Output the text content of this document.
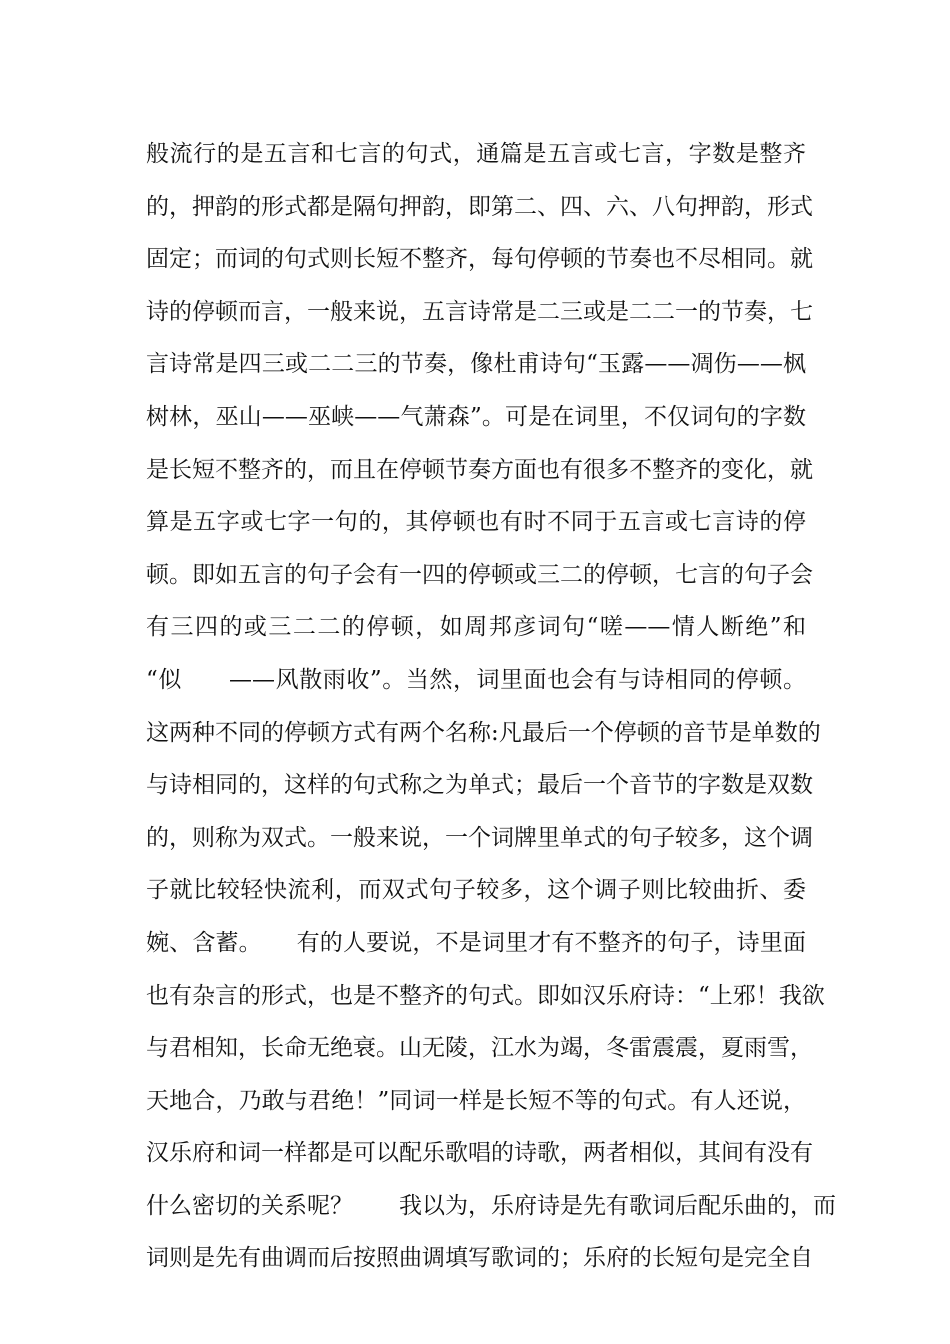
般流行的是五言和七言的句式，通篇是五言或七言，字数是整齐
的，押韵的形式都是隔句押韵，即第二、四、六、八句押韵，形式
固定；而词的句式则长短不整齐，每句停顿的节奏也不尽相同。就
诗的停顿而言，一般来说，五言诗常是二三或是二二一的节奏，七
言诗常是四三或二二三的节奏，像杜甫诗句“玉露——凋伤——枫
树林，巫山——巫峡——气萧森”。可是在词里，不仅词句的字数
是长短不整齐的，而且在停顿节奏方面也有很多不整齐的变化，就
算是五字或七字一句的，其停顿也有时不同于五言或七言诗的停
顿。即如五言的句子会有一四的停顿或三二的停顿，七言的句子会
有三四的或三二二的停顿，如周邦彦词句“嗟——情人断绝”和
“似　　——风散雨收”。当然，词里面也会有与诗相同的停顿。
这两种不同的停顿方式有两个名称:凡最后一个停顿的音节是单数的
与诗相同的，这样的句式称之为单式；最后一个音节的字数是双数
的，则称为双式。一般来说，一个词牌里单式的句子较多，这个调
子就比较轻快流利，而双式句子较多，这个调子则比较曲折、委
婉、含蓄。　　有的人要说，不是词里才有不整齐的句子，诗里面
也有杂言的形式，也是不整齐的句式。即如汉乐府诗：“上邪！我欲
与君相知，长命无绝衰。山无陵，江水为竭，冬雷震震，夏雨雪，
天地合，乃敢与君绝！”同词一样是长短不等的句式。有人还说，
汉乐府和词一样都是可以配乐歌唱的诗歌，两者相似，其间有没有
什么密切的关系呢？　　我以为，乐府诗是先有歌词后配乐曲的，而
词则是先有曲调而后按照曲调填写歌词的；乐府的长短句是完全自
